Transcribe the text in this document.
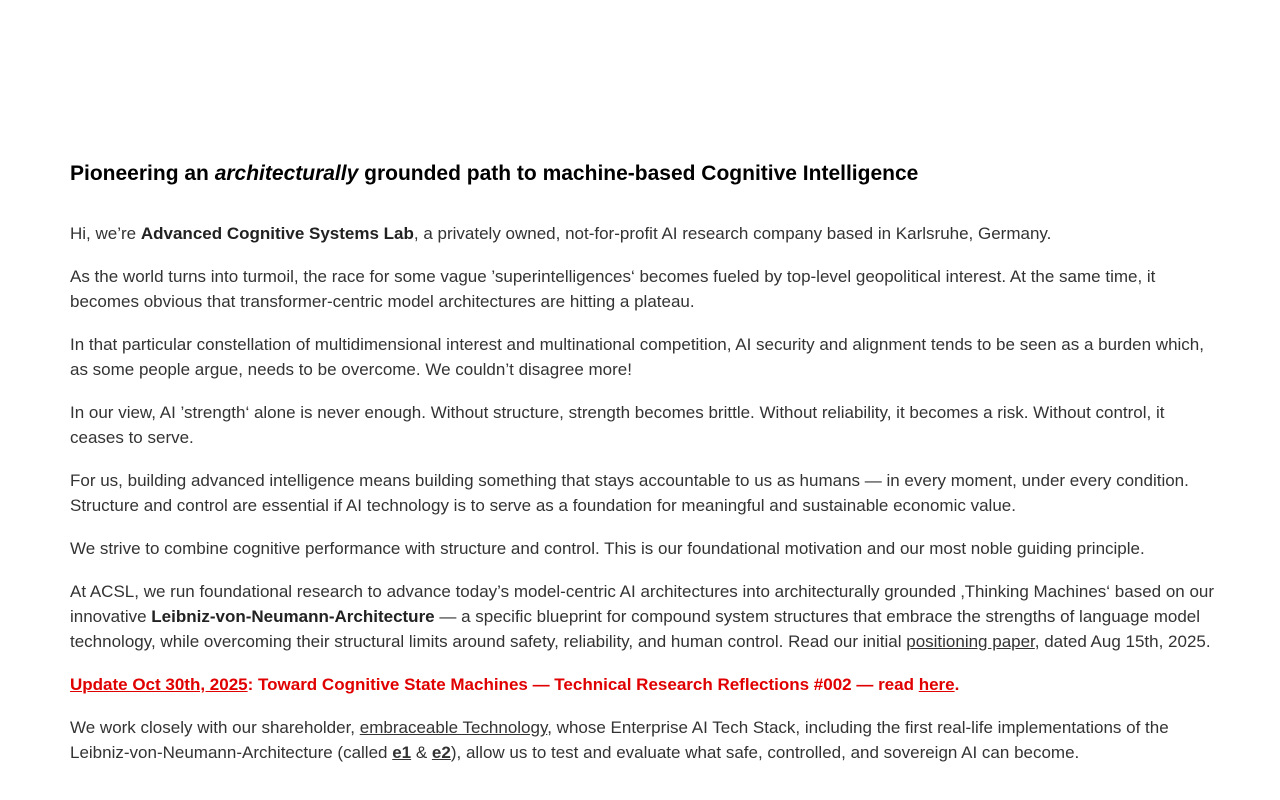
Pioneering an architecturally grounded path to machine-based Cognitive Intelligence

Hi, we’re Advanced Cognitive Systems Lab, a privately owned, not-for-profit AI research company based in Karlsruhe, Germany.

As the world turns into turmoil, the race for some vague ’superintelligences‘ becomes fueled by top-level geopolitical interest. At the same time, it becomes obvious that transformer-centric model architectures are hitting a plateau.

In that particular constellation of multidimensional interest and multinational competition, AI security and alignment tends to be seen as a burden which, as some people argue, needs to be overcome. We couldn’t disagree more!

In our view, AI ’strength‘ alone is never enough. Without structure, strength becomes brittle. Without reliability, it becomes a risk. Without control, it ceases to serve.

For us, building advanced intelligence means building something that stays accountable to us as humans — in every moment, under every condition. Structure and control are essential if AI technology is to serve as a foundation for meaningful and sustainable economic value.

We strive to combine cognitive performance with structure and control. This is our foundational motivation and our most noble guiding principle.

At ACSL, we run foundational research to advance today’s model-centric AI architectures into architecturally grounded ‚Thinking Machines‘ based on our innovative Leibniz-von-Neumann-Architecture — a specific blueprint for compound system structures that embrace the strengths of language model technology, while overcoming their structural limits around safety, reliability, and human control. Read our initial positioning paper, dated Aug 15th, 2025.

Update Oct 30th, 2025: Toward Cognitive State Machines — Technical Research Reflections #002 — read here.

We work closely with our shareholder, embraceable Technology, whose Enterprise AI Tech Stack, including the first real-life implementations of the Leibniz-von-Neumann-Architecture (called e1 & e2), allow us to test and evaluate what safe, controlled, and sovereign AI can become.
